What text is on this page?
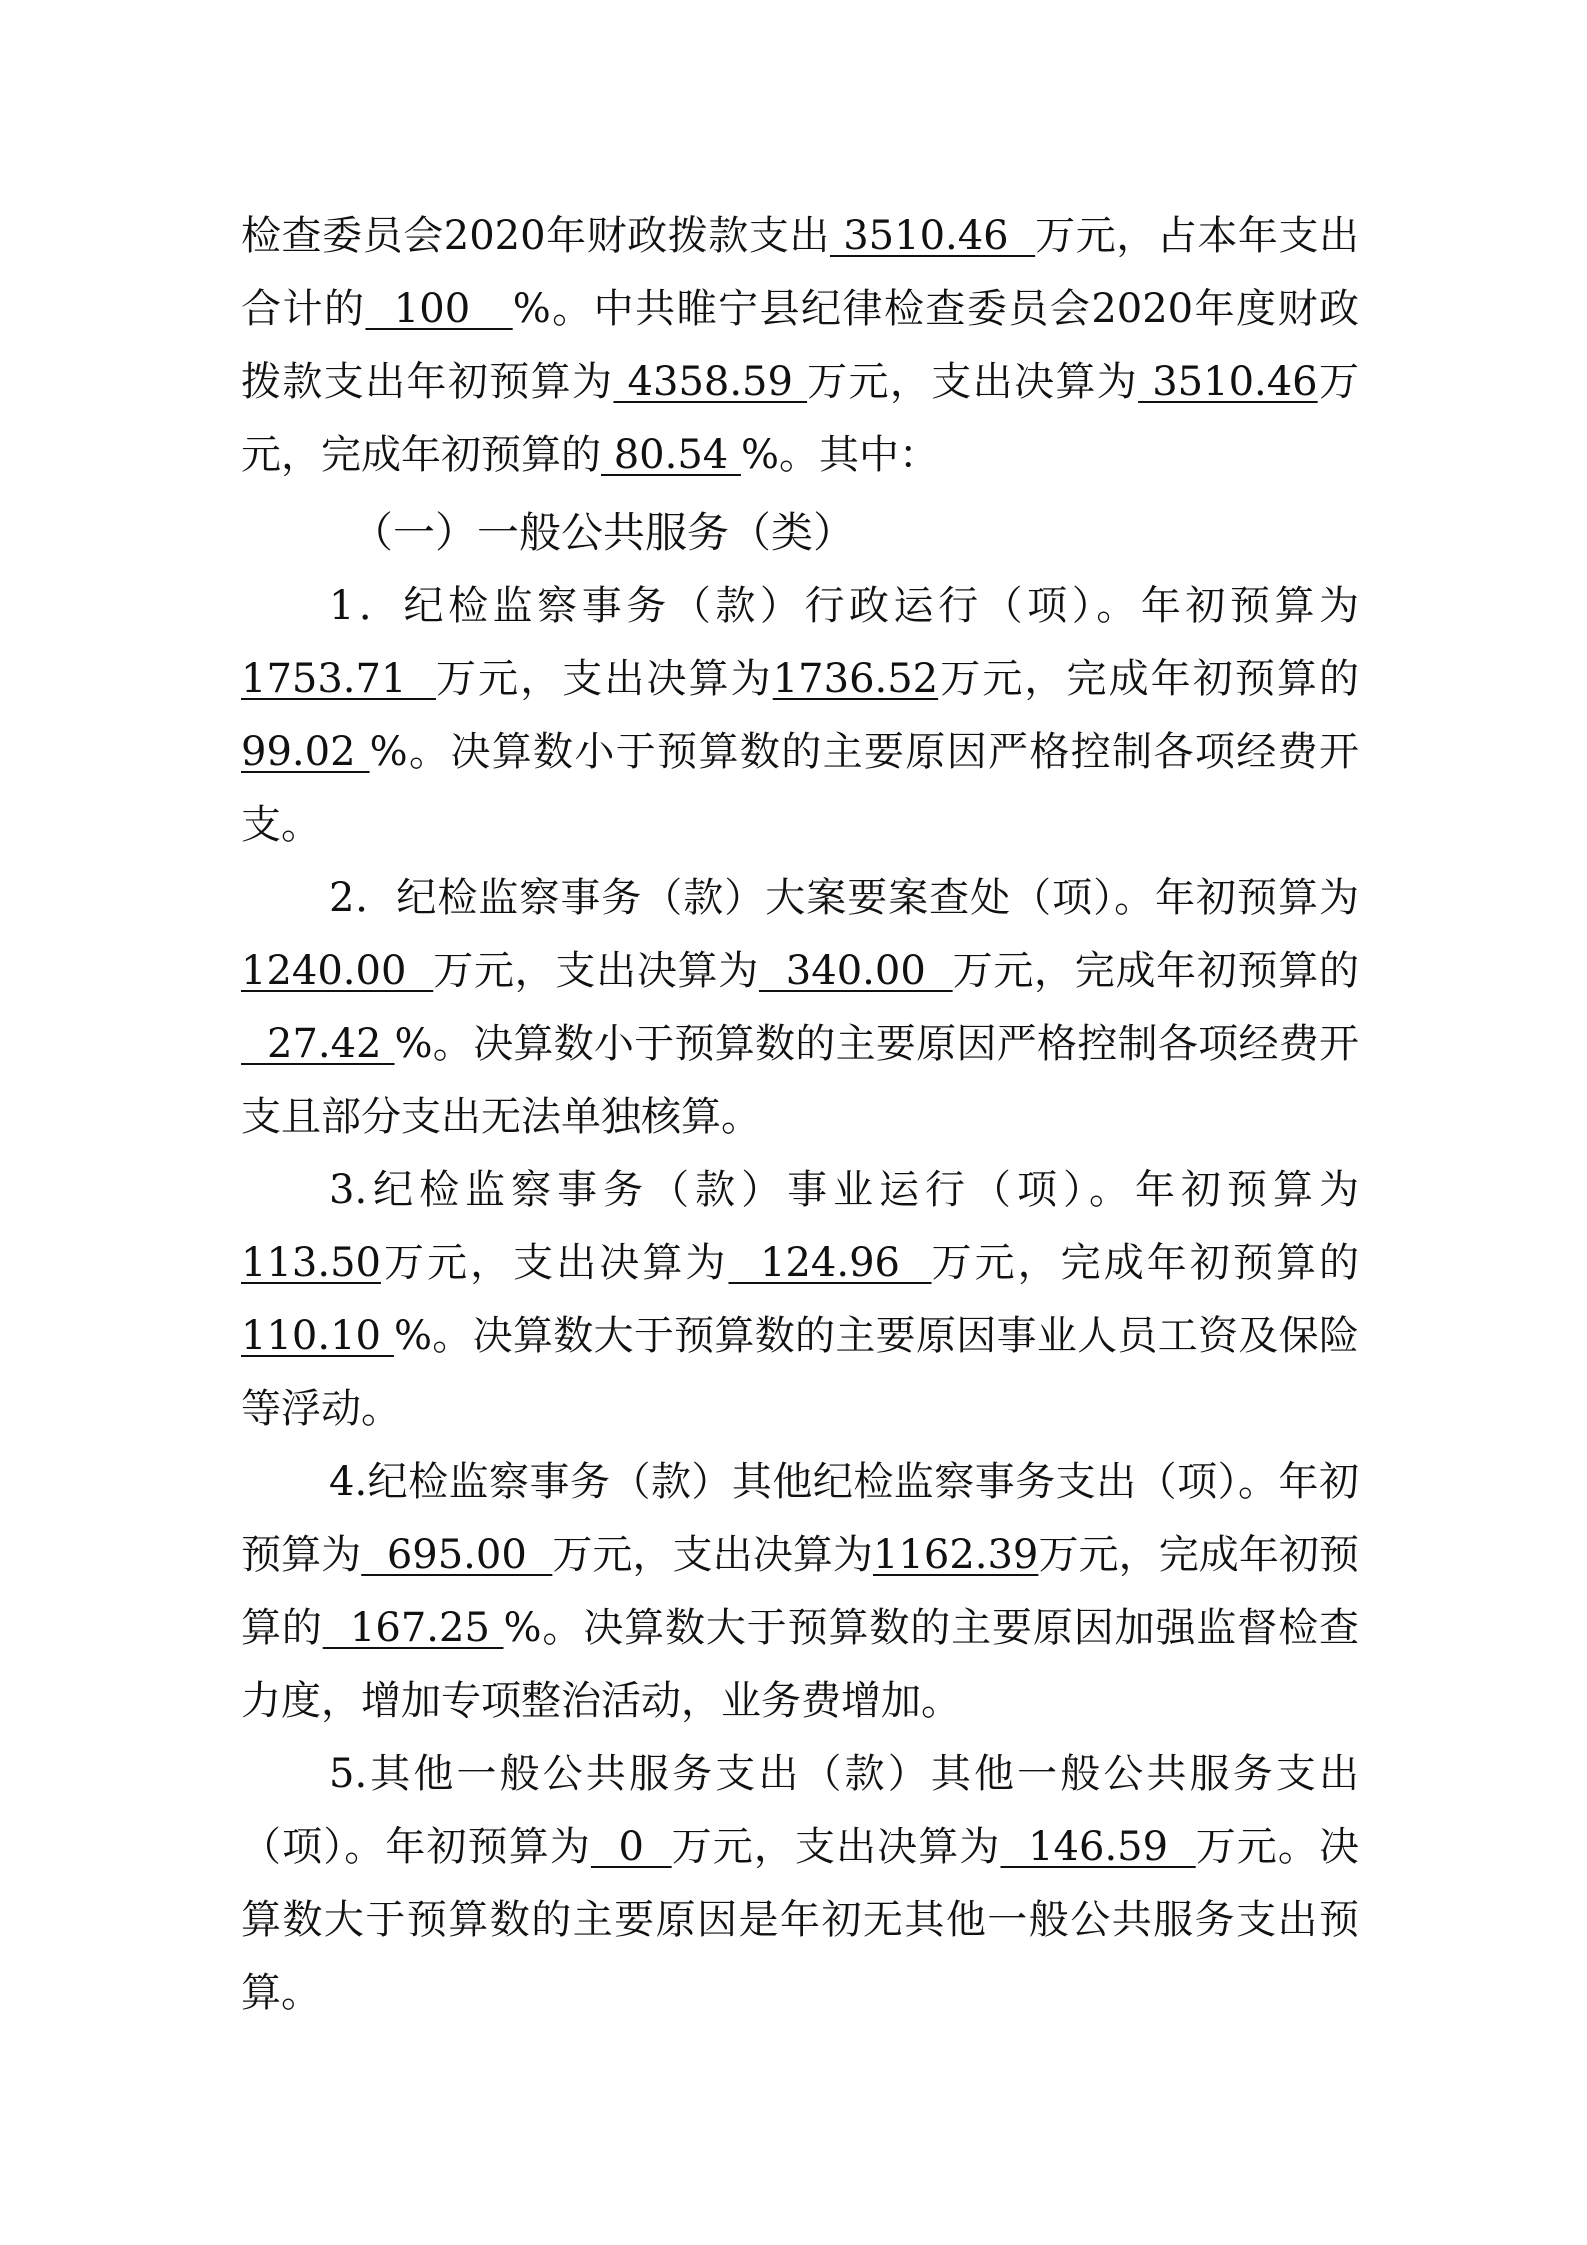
检查委员会2020年财政拨款支出 3510.46  万元，占本年支出合计的  100   %。中共睢宁县纪律检查委员会2020年度财政拨款支出年初预算为 4358.59 万元，支出决算为 3510.46万元，完成年初预算的 80.54 %。其中：

（一）一般公共服务（类）

1．纪检监察事务（款）行政运行（项）。年初预算为1753.71  万元，支出决算为1736.52万元，完成年初预算的99.02 %。决算数小于预算数的主要原因严格控制各项经费开支。

2．纪检监察事务（款）大案要案查处（项）。年初预算为1240.00  万元，支出决算为  340.00  万元，完成年初预算的  27.42 %。决算数小于预算数的主要原因严格控制各项经费开支且部分支出无法单独核算。

3.纪检监察事务（款）事业运行（项）。年初预算为113.50万元，支出决算为  124.96  万元，完成年初预算的110.10 %。决算数大于预算数的主要原因事业人员工资及保险等浮动。

4.纪检监察事务（款）其他纪检监察事务支出（项）。年初预算为  695.00  万元，支出决算为1162.39万元，完成年初预算的  167.25 %。决算数大于预算数的主要原因加强监督检查力度，增加专项整治活动，业务费增加。

5.其他一般公共服务支出（款）其他一般公共服务支出（项）。年初预算为  0  万元，支出决算为  146.59  万元。决算数大于预算数的主要原因是年初无其他一般公共服务支出预算。
